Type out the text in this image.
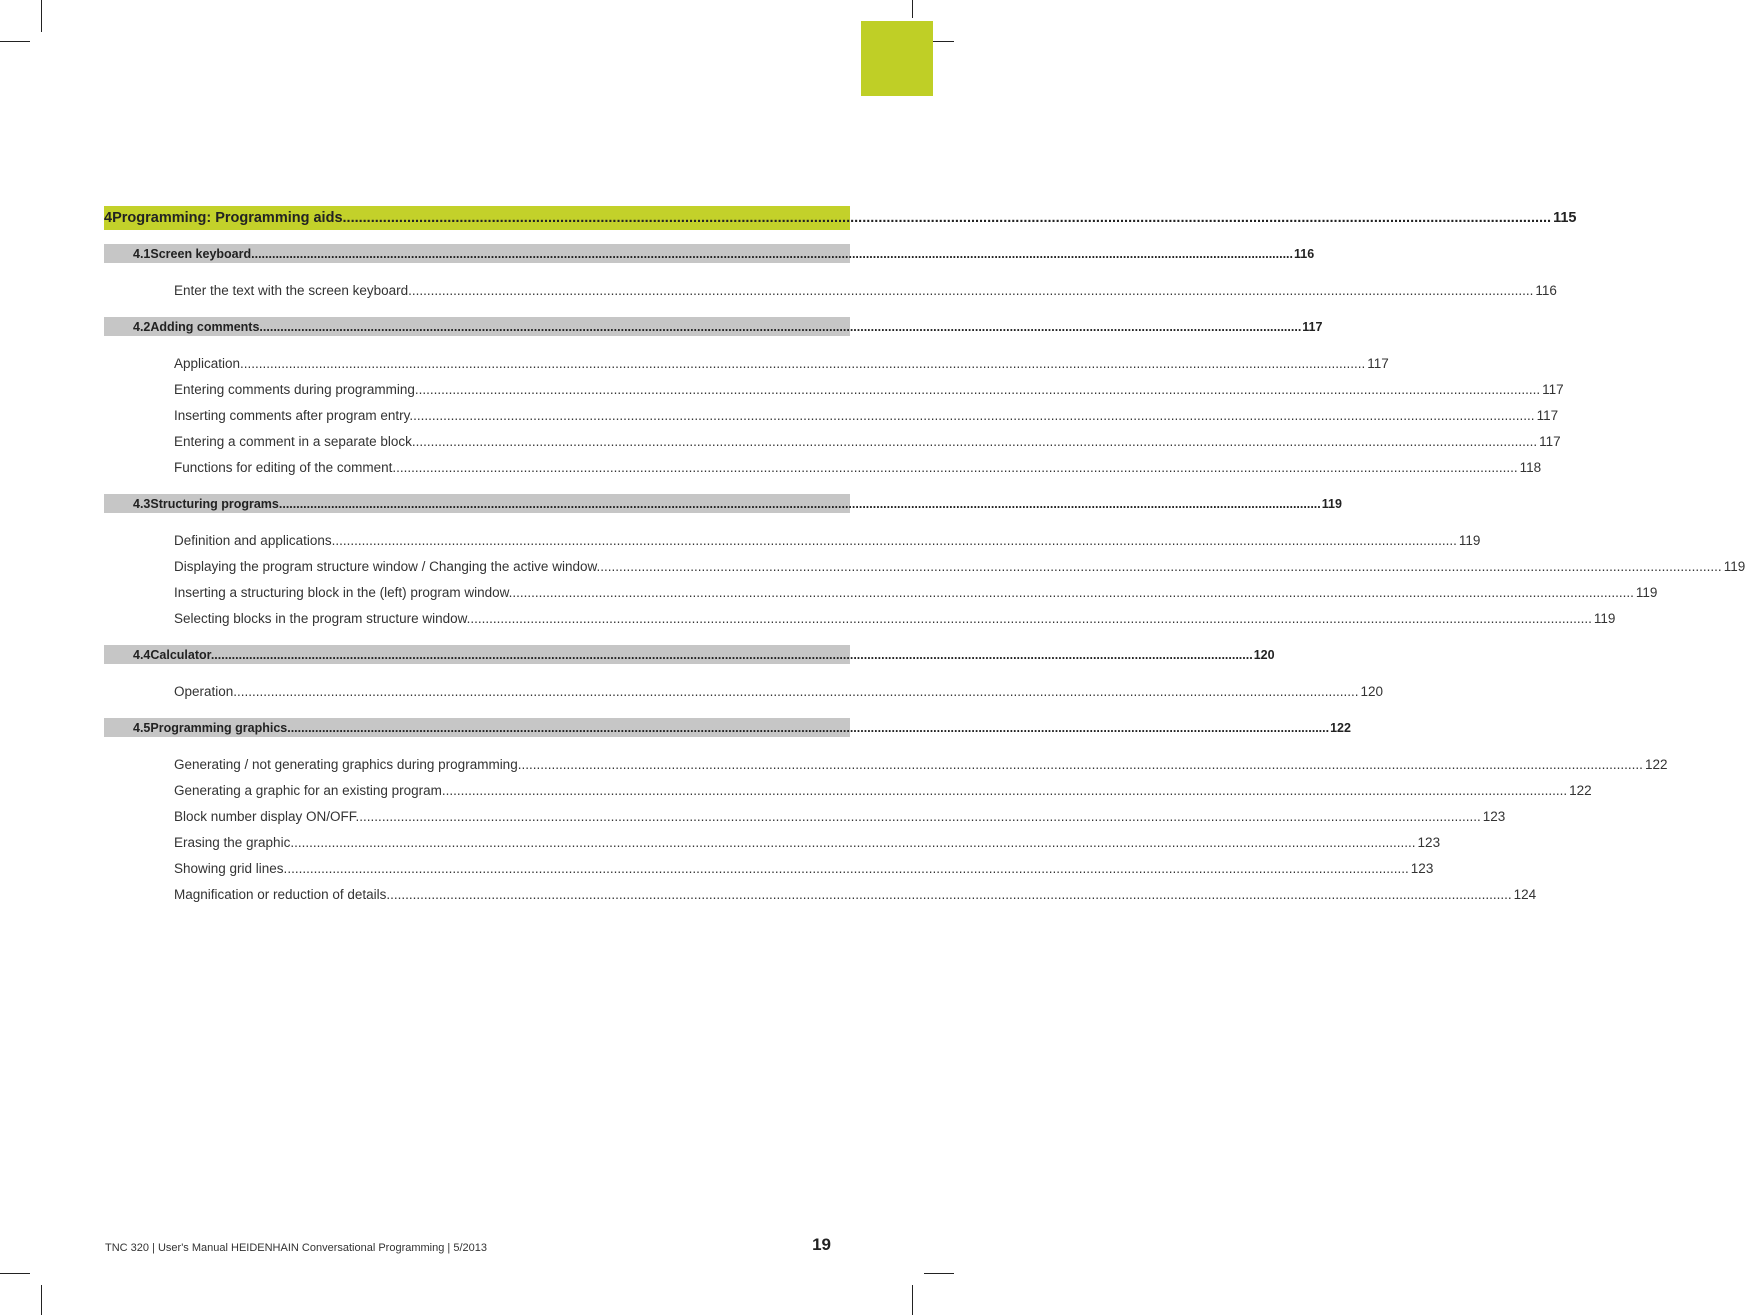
4 Programming: Programming aids............................................................................................................................................................................................................................................................................................................ 115
4.1 Screen keyboard............................................................................................................................................................................................................................................................................................................ 116
Enter the text with the screen keyboard............................................................................................................................................................................................................................................................................................................ 116
4.2 Adding comments............................................................................................................................................................................................................................................................................................................ 117
Application............................................................................................................................................................................................................................................................................................................ 117
Entering comments during programming............................................................................................................................................................................................................................................................................................................ 117
Inserting comments after program entry............................................................................................................................................................................................................................................................................................................ 117
Entering a comment in a separate block............................................................................................................................................................................................................................................................................................................ 117
Functions for editing of the comment............................................................................................................................................................................................................................................................................................................ 118
4.3 Structuring programs............................................................................................................................................................................................................................................................................................................ 119
Definition and applications............................................................................................................................................................................................................................................................................................................ 119
Displaying the program structure window / Changing the active window............................................................................................................................................................................................................................................................................................................ 119
Inserting a structuring block in the (left) program window............................................................................................................................................................................................................................................................................................................ 119
Selecting blocks in the program structure window............................................................................................................................................................................................................................................................................................................ 119
4.4 Calculator............................................................................................................................................................................................................................................................................................................ 120
Operation............................................................................................................................................................................................................................................................................................................ 120
4.5 Programming graphics............................................................................................................................................................................................................................................................................................................ 122
Generating / not generating graphics during programming............................................................................................................................................................................................................................................................................................................ 122
Generating a graphic for an existing program............................................................................................................................................................................................................................................................................................................ 122
Block number display ON/OFF............................................................................................................................................................................................................................................................................................................ 123
Erasing the graphic............................................................................................................................................................................................................................................................................................................ 123
Showing grid lines............................................................................................................................................................................................................................................................................................................ 123
Magnification or reduction of details............................................................................................................................................................................................................................................................................................................ 124
TNC 320 | User's Manual HEIDENHAIN Conversational Programming | 5/2013	19
